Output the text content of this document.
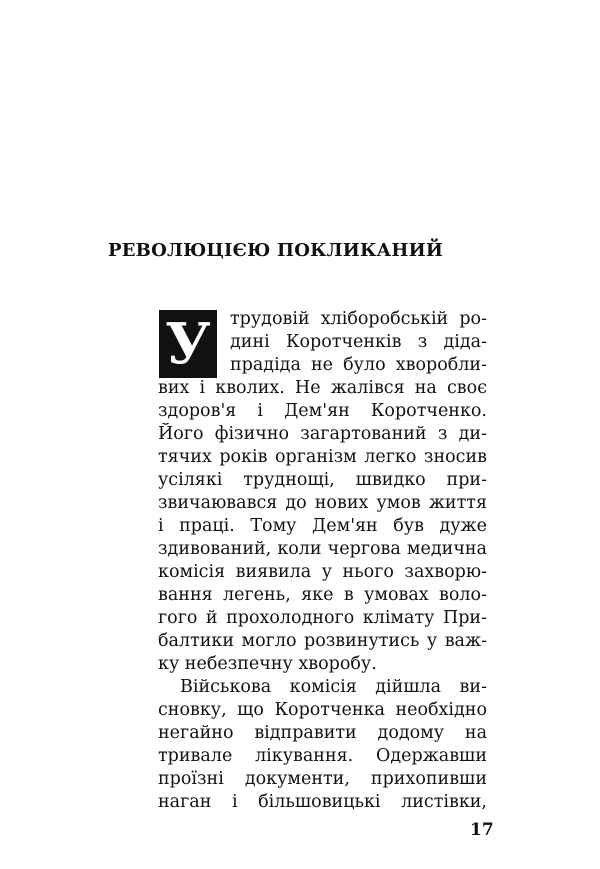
РЕВОЛЮЦІЄЮ ПОКЛИКАНИЙ
У	трудовій хліборобській ро-

дині Коротченків з діда-

прадіда не було хворобли-

вих і кволих. Не жалівся на своє

здоров'я і Дем'ян Коротченко.

Його фізично загартований з ди-

тячих років організм легко зносив

усілякі труднощі, швидко при-

звичаювався до нових умов життя

і праці. Тому Дем'ян був дуже

здивований, коли чергова медична

комісія виявила у нього захворю-

вання легень, яке в умовах воло-

гого й прохолодного клімату При-

балтики могло розвинутись у важ-

ку небезпечну хворобу.

Військова комісія дійшла ви-

сновку, що Коротченка необхідно

негайно відправити додому на

тривале лікування. Одержавши

проїзні документи, прихопивши

наган і більшовицькі листівки,

17
